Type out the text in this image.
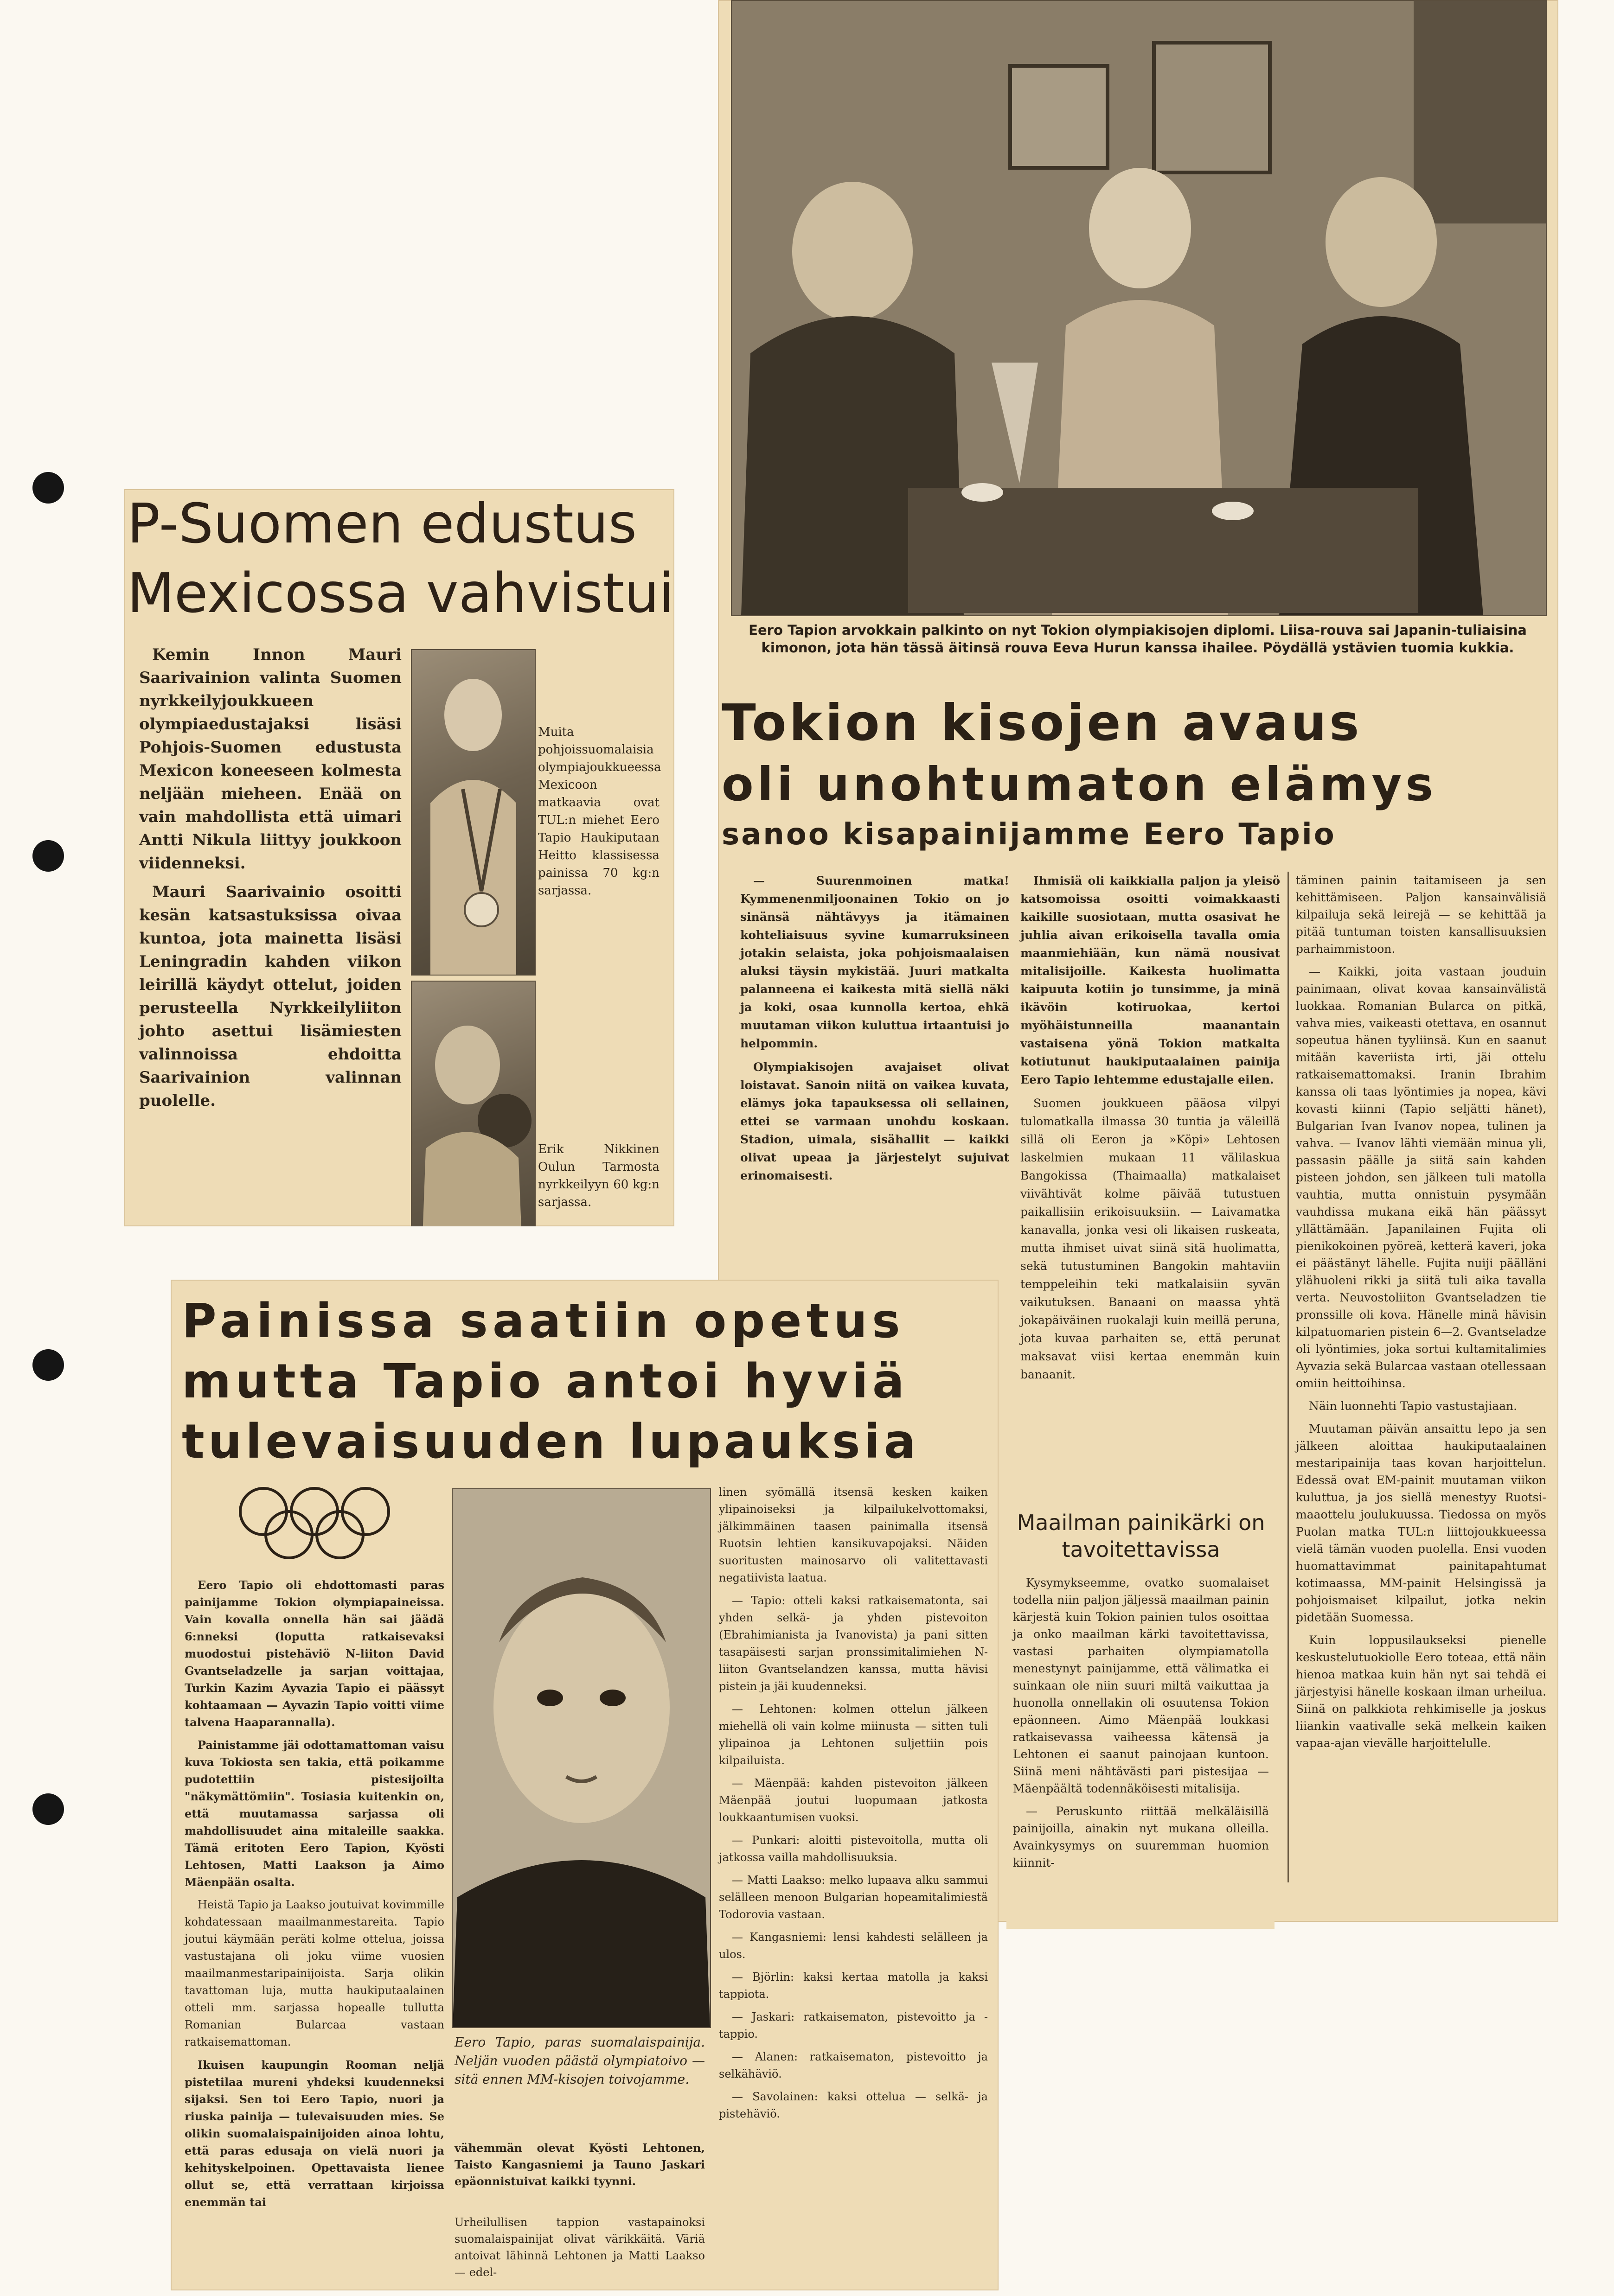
P-Suomen edustus
Mexicossa vahvistui

Kemin Innon Mauri Saarivainion valinta Suomen nyrkkeilyjoukkueen olympiaedustajaksi lisäsi Pohjois-Suomen edustusta Mexicon koneeseen kolmesta neljään mieheen. Enää on vain mahdollista että uimari Antti Nikula liittyy joukkoon viidenneksi.

Mauri Saarivainio osoitti kesän katsastuksissa oivaa kuntoa, jota mainetta lisäsi Leningradin kahden viikon leirillä käydyt ottelut, joiden perusteella Nyrkkeilyliiton johto asettui lisämiesten valinnoissa ehdoitta Saarivainion valinnan puolelle.

Muita pohjoissuomalaisia olympiajoukkueessa Mexicoon matkaavia ovat TUL:n miehet Eero Tapio Haukiputaan Heitto klassisessa painissa 70 kg:n sarjassa.
Erik Nikkinen Oulun Tarmosta nyrkkeilyyn 60 kg:n sarjassa.
Eero Tapion arvokkain palkinto on nyt Tokion olympiakisojen diplomi. Liisa-rouva sai Japanin-tuliaisina kimonon, jota hän tässä äitinsä rouva Eeva Hurun kanssa ihailee. Pöydällä ystävien tuomia kukkia.
Tokion kisojen avaus
oli unohtumaton elämys
sanoo kisapainijamme Eero Tapio

— Suurenmoinen matka! Kymmenenmiljoonainen Tokio on jo sinänsä nähtävyys ja itämainen kohteliaisuus syvine kumarruksineen jotakin selaista, joka pohjoismaalaisen aluksi täysin mykistää. Juuri matkalta palanneena ei kaikesta mitä siellä näki ja koki, osaa kunnolla kertoa, ehkä muutaman viikon kuluttua irtaantuisi jo helpommin.

Olympiakisojen avajaiset olivat loistavat. Sanoin niitä on vaikea kuvata, elämys joka tapauksessa oli sellainen, ettei se varmaan unohdu koskaan. Stadion, uimala, sisähallit — kaikki olivat upeaa ja järjestelyt sujuivat erinomaisesti.

Ihmisiä oli kaikkialla paljon ja yleisö katsomoissa osoitti voimakkaasti kaikille suosiotaan, mutta osasivat he juhlia aivan erikoisella tavalla omia maanmiehiään, kun nämä nousivat mitalisijoille. Kaikesta huolimatta kaipuuta kotiin jo tunsimme, ja minä ikävöin kotiruokaa, kertoi myöhäistunneilla maanantain vastaisena yönä Tokion matkalta kotiutunut haukiputaalainen painija Eero Tapio lehtemme edustajalle eilen.

Suomen joukkueen pääosa vilpyi tulomatkalla ilmassa 30 tuntia ja väleillä sillä oli Eeron ja »Köpi» Lehtosen laskelmien mukaan 11 välilaskua Bangokissa (Thaimaalla) matkalaiset viivähtivät kolme päivää tutustuen paikallisiin erikoisuuksiin. — Laivamatka kanavalla, jonka vesi oli likaisen ruskeata, mutta ihmiset uivat siinä sitä huolimatta, sekä tutustuminen Bangokin mahtaviin temppeleihin teki matkalaisiin syvän vaikutuksen. Banaani on maassa yhtä jokapäiväinen ruokalaji kuin meillä peruna, jota kuvaa parhaiten se, että perunat maksavat viisi kertaa enemmän kuin banaanit.

täminen painin taitamiseen ja sen kehittämiseen. Paljon kansainvälisiä kilpailuja sekä leirejä — se kehittää ja pitää tuntuman toisten kansallisuuksien parhaimmistoon.

— Kaikki, joita vastaan jouduin painimaan, olivat kovaa kansainvälistä luokkaa. Romanian Bularca on pitkä, vahva mies, vaikeasti otettava, en osannut sopeutua hänen tyyliinsä. Kun en saanut mitään kaveriista irti, jäi ottelu ratkaisemattomaksi. Iranin Ibrahim kanssa oli taas lyöntimies ja nopea, kävi kovasti kiinni (Tapio seljätti hänet), Bulgarian Ivan Ivanov nopea, tulinen ja vahva. — Ivanov lähti viemään minua yli, passasin päälle ja siitä sain kahden pisteen johdon, sen jälkeen tuli matolla vauhtia, mutta onnistuin pysymään vauhdissa mukana eikä hän päässyt yllättämään. Japanilainen Fujita oli pienikokoinen pyöreä, ketterä kaveri, joka ei päästänyt lähelle. Fujita nuiji päälläni ylähuoleni rikki ja siitä tuli aika tavalla verta. Neuvostoliiton Gvantseladzen tie pronssille oli kova. Hänelle minä hävisin kilpatuomarien pistein 6—2. Gvantseladze oli lyöntimies, joka sortui kultamitalimies Ayvazia sekä Bularcaa vastaan otellessaan omiin heittoihinsa.

Näin luonnehti Tapio vastustajiaan.

Muutaman päivän ansaittu lepo ja sen jälkeen aloittaa haukiputaalainen mestaripainija taas kovan harjoittelun. Edessä ovat EM-painit muutaman viikon kuluttua, ja jos siellä menestyy Ruotsi-maaottelu joulukuussa. Tiedossa on myös Puolan matka TUL:n liittojoukkueessa vielä tämän vuoden puolella. Ensi vuoden huomattavimmat painitapahtumat kotimaassa, MM-painit Helsingissä ja pohjoismaiset kilpailut, jotka nekin pidetään Suomessa.

Kuin loppusilaukseksi pienelle keskustelutuokiolle Eero toteaa, että näin hienoa matkaa kuin hän nyt sai tehdä ei järjestyisi hänelle koskaan ilman urheilua. Siinä on palkkiota rehkimiselle ja joskus liiankin vaativalle sekä melkein kaiken vapaa-ajan vievälle harjoittelulle.

Maailman painikärki on tavoitettavissa

Kysymykseemme, ovatko suomalaiset todella niin paljon jäljessä maailman painin kärjestä kuin Tokion painien tulos osoittaa ja onko maailman kärki tavoitettavissa, vastasi parhaiten olympiamatolla menestynyt painijamme, että välimatka ei suinkaan ole niin suuri miltä vaikuttaa ja huonolla onnellakin oli osuutensa Tokion epäonneen. Aimo Mäenpää loukkasi ratkaisevassa vaiheessa kätensä ja Lehtonen ei saanut painojaan kuntoon. Siinä meni nähtävästi pari pistesijaa — Mäenpäältä todennäköisesti mitalisija.

— Peruskunto riittää melkäläisillä painijoilla, ainakin nyt mukana olleilla. Avainkysymys on suuremman huomion kiinnit-

Painissa saatiin opetus
mutta Tapio antoi hyviä
tulevaisuuden lupauksia

Eero Tapio oli ehdottomasti paras painijamme Tokion olympiapaineissa. Vain kovalla onnella hän sai jäädä 6:nneksi (loputta ratkaisevaksi muodostui pistehäviö N-liiton David Gvantseladzelle ja sarjan voittajaa, Turkin Kazim Ayvazia Tapio ei päässyt kohtaamaan — Ayvazin Tapio voitti viime talvena Haaparannalla).

Painistamme jäi odottamattoman vaisu kuva Tokiosta sen takia, että poikamme pudotettiin pistesijoilta "näkymättömiin". Tosiasia kuitenkin on, että muutamassa sarjassa oli mahdollisuudet aina mitaleille saakka. Tämä eritoten Eero Tapion, Kyösti Lehtosen, Matti Laakson ja Aimo Mäenpään osalta.

Heistä Tapio ja Laakso joutuivat kovimmille kohdatessaan maailmanmestareita. Tapio joutui käymään peräti kolme ottelua, joissa vastustajana oli joku viime vuosien maailmanmestaripainijoista. Sarja olikin tavattoman luja, mutta haukiputaalainen otteli mm. sarjassa hopealle tullutta Romanian Bularcaa vastaan ratkaisemattoman.

Ikuisen kaupungin Rooman neljä pistetilaa mureni yhdeksi kuudenneksi sijaksi. Sen toi Eero Tapio, nuori ja riuska painija — tulevaisuuden mies. Se olikin suomalaispainijoiden ainoa lohtu, että paras edusaja on vielä nuori ja kehityskelpoinen. Opettavaista lienee ollut se, että verrattaan kirjoissa enemmän tai

Eero Tapio, paras suomalaispainija. Neljän vuoden päästä olympiatoivo — sitä ennen MM-kisojen toivojamme.
vähemmän olevat Kyösti Lehtonen, Taisto Kangasniemi ja Tauno Jaskari epäonnistuivat kaikki tyynni.
Urheilullisen tappion vastapainoksi suomalaispainijat olivat värikkäitä. Väriä antoivat lähinnä Lehtonen ja Matti Laakso — edel-

linen syömällä itsensä kesken kaiken ylipainoiseksi ja kilpailukelvottomaksi, jälkimmäinen taasen painimalla itsensä Ruotsin lehtien kansikuvapojaksi. Näiden suoritusten mainosarvo oli valitettavasti negatiivista laatua.

— Tapio: otteli kaksi ratkaisematonta, sai yhden selkä- ja yhden pistevoiton (Ebrahimianista ja Ivanovista) ja pani sitten tasapäisesti sarjan pronssimitalimiehen N-liiton Gvantselandzen kanssa, mutta hävisi pistein ja jäi kuudenneksi.

— Lehtonen: kolmen ottelun jälkeen miehellä oli vain kolme miinusta — sitten tuli ylipainoa ja Lehtonen suljettiin pois kilpailuista.

— Mäenpää: kahden pistevoiton jälkeen Mäenpää joutui luopumaan jatkosta loukkaantumisen vuoksi.

— Punkari: aloitti pistevoitolla, mutta oli jatkossa vailla mahdollisuuksia.

— Matti Laakso: melko lupaava alku sammui selälleen menoon Bulgarian hopeamitalimiestä Todorovia vastaan.

— Kangasniemi: lensi kahdesti selälleen ja ulos.

— Björlin: kaksi kertaa matolla ja kaksi tappiota.

— Jaskari: ratkaisematon, pistevoitto ja -tappio.

— Alanen: ratkaisematon, pistevoitto ja selkähäviö.

— Savolainen: kaksi ottelua — selkä- ja pistehäviö.
